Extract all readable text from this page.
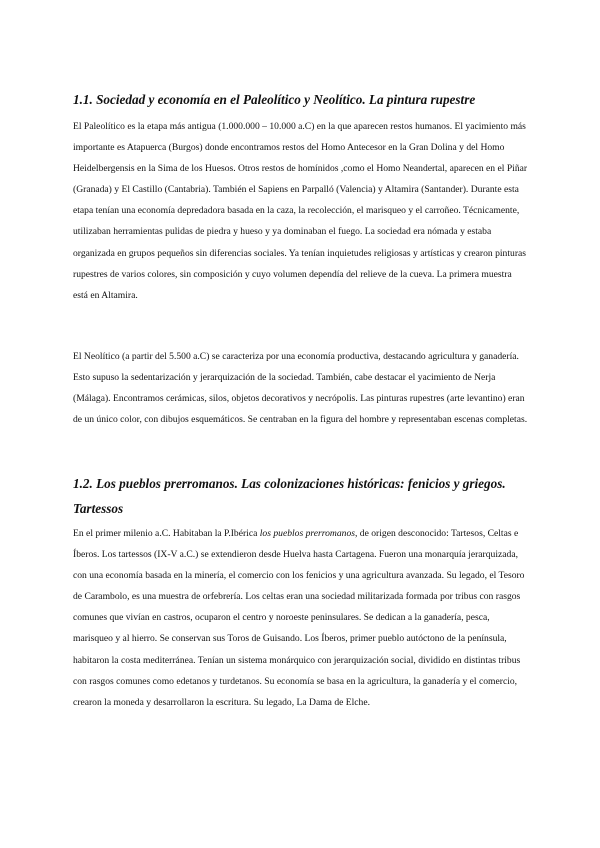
1.1. Sociedad y economía en el Paleolítico y Neolítico. La pintura rupestre

El Paleolítico es la etapa más antigua (1.000.000 – 10.000 a.C) en la que aparecen restos humanos. El yacimiento más importante es Atapuerca (Burgos) donde encontramos restos del Homo Antecesor en la Gran Dolina y del Homo Heidelbergensis en la Sima de los Huesos. Otros restos de homínidos ,como el Homo Neandertal, aparecen en el Piñar (Granada) y El Castillo (Cantabria). También el Sapiens en Parpalló (Valencia) y Altamira (Santander). Durante esta etapa tenían una economía depredadora basada en la caza, la recolección, el marisqueo y el carroñeo. Técnicamente, utilizaban herramientas pulidas de piedra y hueso y ya dominaban el fuego. La sociedad era nómada y estaba organizada en grupos pequeños sin diferencias sociales. Ya tenían inquietudes religiosas y artísticas y crearon pinturas rupestres de varios colores, sin composición y cuyo volumen dependía del relieve de la cueva. La primera muestra está en Altamira.

El Neolítico (a partir del 5.500 a.C) se caracteriza por una economía productiva, destacando agricultura y ganadería. Esto supuso la sedentarización y jerarquización de la sociedad. También, cabe destacar el yacimiento de Nerja (Málaga). Encontramos cerámicas, silos, objetos decorativos y necrópolis. Las pinturas rupestres (arte levantino) eran de un único color, con dibujos esquemáticos. Se centraban en la figura del hombre y representaban escenas completas.

1.2. Los pueblos prerromanos. Las colonizaciones históricas: fenicios y griegos. Tartessos

En el primer milenio a.C. Habitaban la P.Ibérica los pueblos prerromanos, de origen desconocido: Tartesos, Celtas e Íberos. Los tartessos (IX-V a.C.) se extendieron desde Huelva hasta Cartagena. Fueron una monarquía jerarquizada, con una economía basada en la minería, el comercio con los fenicios y una agricultura avanzada. Su legado, el Tesoro de Carambolo, es una muestra de orfebrería. Los celtas eran una sociedad militarizada formada por tribus con rasgos comunes que vivían en castros, ocuparon el centro y noroeste peninsulares. Se dedican a la ganadería, pesca, marisqueo y al hierro. Se conservan sus Toros de Guisando. Los Íberos, primer pueblo autóctono de la península, habitaron la costa mediterránea. Tenían un sistema monárquico con jerarquización social, dividido en distintas tribus con rasgos comunes como edetanos y turdetanos. Su economía se basa en la agricultura, la ganadería y el comercio, crearon la moneda y desarrollaron la escritura. Su legado, La Dama de Elche.
